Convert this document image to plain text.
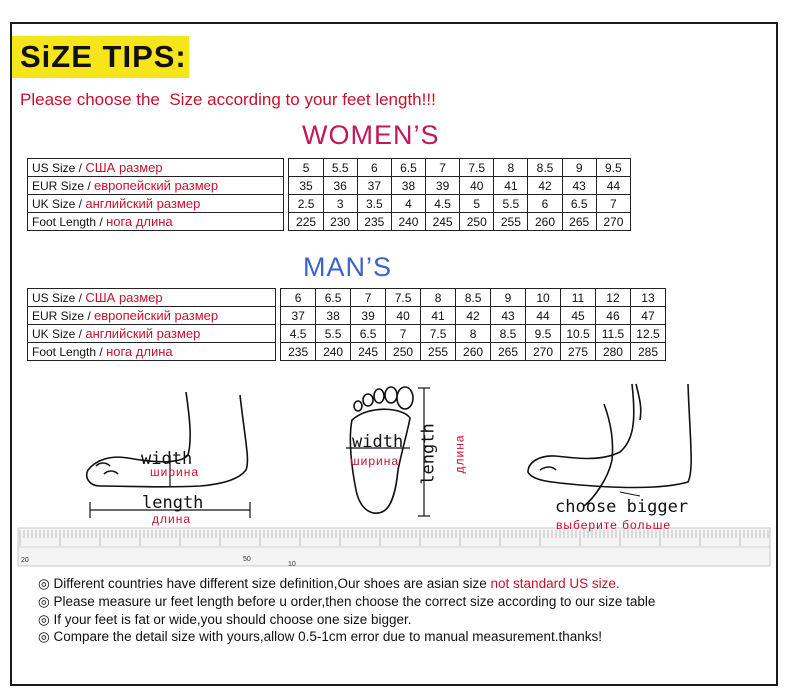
SiZE TIPS:
Please choose the  Size according to your feet length!!!
WOMEN’S
US Size / США размер		5	5.5	6	6.5	7	7.5	8	8.5	9	9.5
EUR Size / европейский размер		35	36	37	38	39	40	41	42	43	44
UK Size / английский размер		2.5	3	3.5	4	4.5	5	5.5	6	6.5	7
Foot Length / нога длина		225	230	235	240	245	250	255	260	265	270
MAN’S
US Size / США размер		6	6.5	7	7.5	8	8.5	9	10	11	12	13
EUR Size / европейский размер		37	38	39	40	41	42	43	44	45	46	47
UK Size / английский размер		4.5	5.5	6.5	7	7.5	8	8.5	9.5	10.5	11.5	12.5
Foot Length / нога длина		235	240	245	250	255	260	265	270	275	280	285
width
ширина
length
длина
width
ширина length длина
choose bigger
выберите больше
20	50
10
◎ Different countries have different size definition,Our shoes are asian size not standard US size.
◎ Please measure ur feet length before u order,then choose the correct size according to our size table
◎ If your feet is fat or wide,you should choose one size bigger.
◎ Compare the detail size with yours,allow 0.5-1cm error due to manual measurement.thanks!
